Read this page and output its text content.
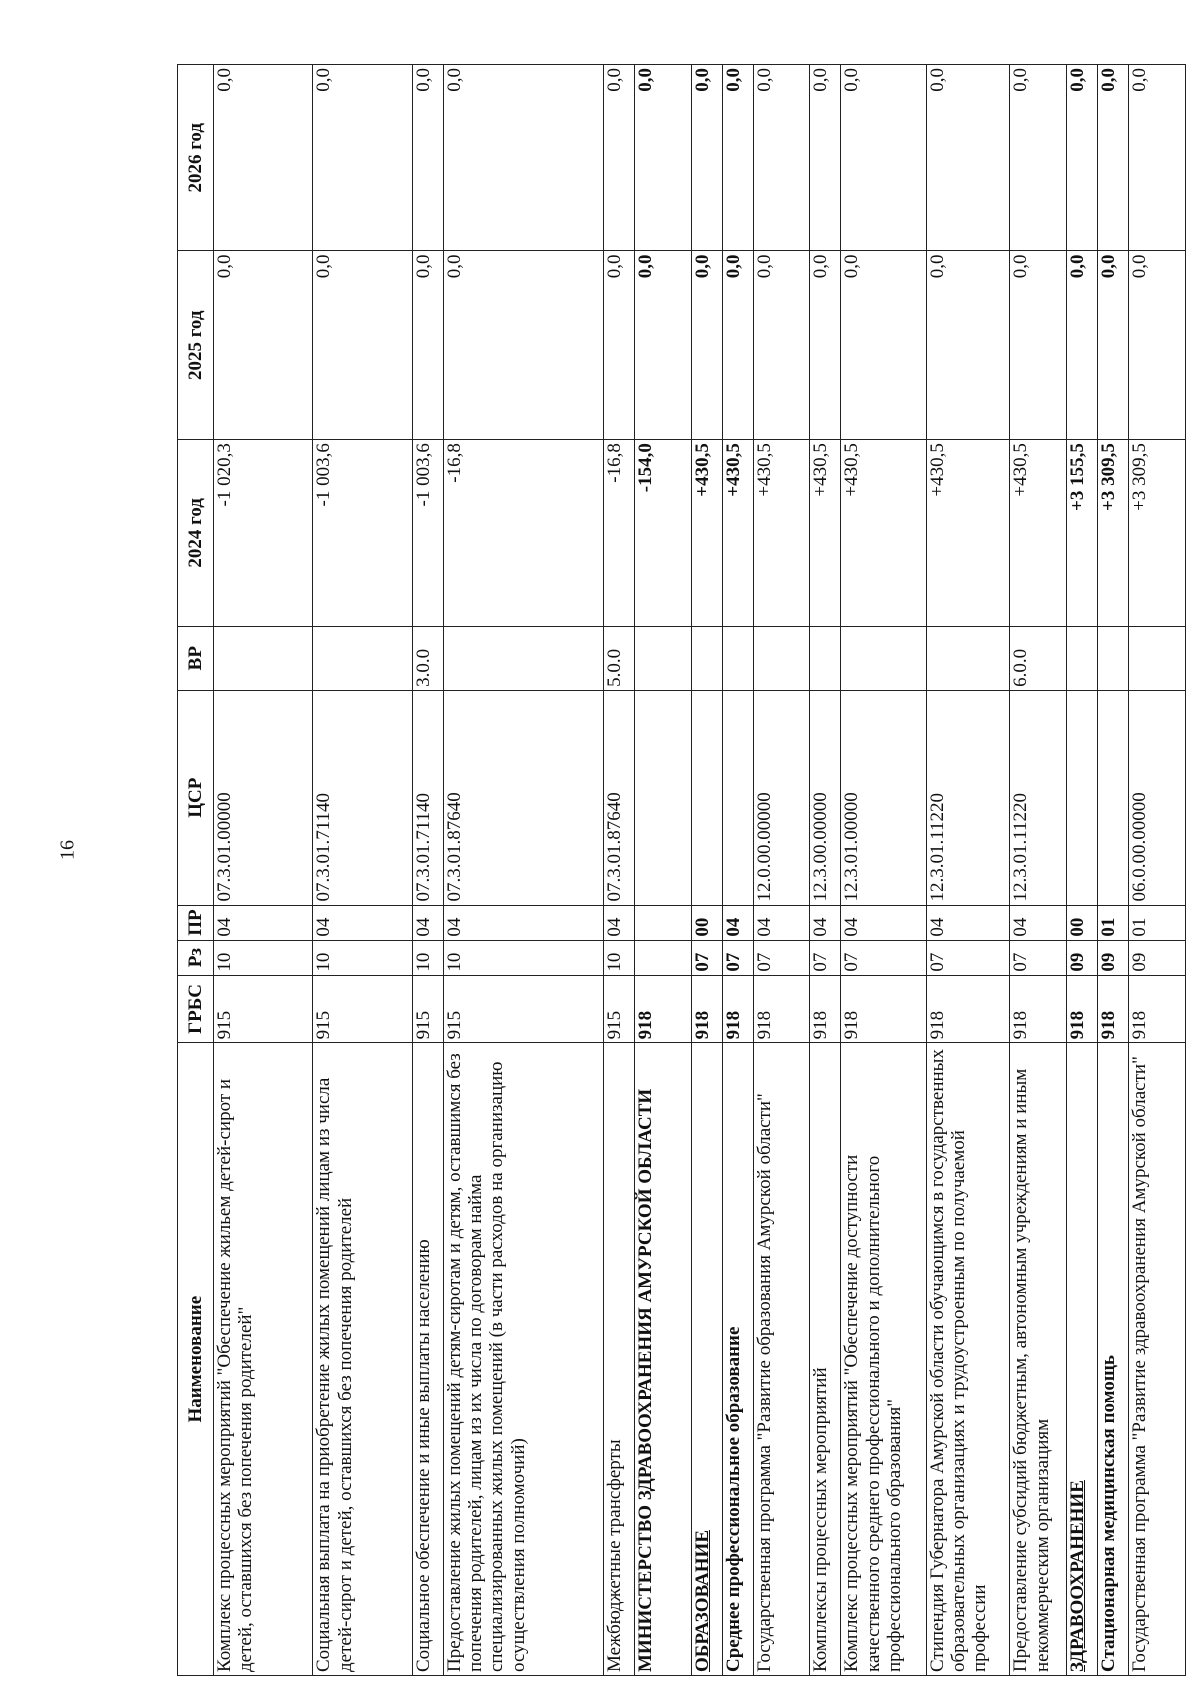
16
Наименование	ГРБС	Рз	ПР	ЦСР	ВР	2024 год	2025 год	2026 год
Комплекс процессных мероприятий "Обеспечение жильем детей-сирот и детей, оставшихся без попечения родителей"	915	10	04	07.3.01.00000		-1 020,3	0,0	0,0
Социальная выплата на приобретение жилых помещений лицам из числа детей-сирот и детей, оставшихся без попечения родителей	915	10	04	07.3.01.71140		-1 003,6	0,0	0,0
Социальное обеспечение и иные выплаты населению	915	10	04	07.3.01.71140	3.0.0	-1 003,6	0,0	0,0
Предоставление жилых помещений детям-сиротам и детям, оставшимся без попечения родителей, лицам из их числа по договорам найма специализированных жилых помещений (в части расходов на организацию осуществления полномочий)	915	10	04	07.3.01.87640		-16,8	0,0	0,0
Межбюджетные трансферты	915	10	04	07.3.01.87640	5.0.0	-16,8	0,0	0,0
МИНИСТЕРСТВО ЗДРАВООХРАНЕНИЯ АМУРСКОЙ ОБЛАСТИ	918					-154,0	0,0	0,0
ОБРАЗОВАНИЕ	918	07	00			+430,5	0,0	0,0
Среднее профессиональное образование	918	07	04			+430,5	0,0	0,0
Государственная программа "Развитие образования Амурской области"	918	07	04	12.0.00.00000		+430,5	0,0	0,0
Комплексы процессных мероприятий	918	07	04	12.3.00.00000		+430,5	0,0	0,0
Комплекс процессных мероприятий "Обеспечение доступности качественного среднего профессионального и дополнительного профессионального образования"	918	07	04	12.3.01.00000		+430,5	0,0	0,0
Стипендия Губернатора Амурской области обучающимся в государственных образовательных организациях и трудоустроенным по получаемой профессии	918	07	04	12.3.01.11220		+430,5	0,0	0,0
Предоставление субсидий бюджетным, автономным учреждениям и иным некоммерческим организациям	918	07	04	12.3.01.11220	6.0.0	+430,5	0,0	0,0
ЗДРАВООХРАНЕНИЕ	918	09	00			+3 155,5	0,0	0,0
Стационарная медицинская помощь	918	09	01			+3 309,5	0,0	0,0
Государственная программа "Развитие здравоохранения Амурской области"	918	09	01	06.0.00.00000		+3 309,5	0,0	0,0
